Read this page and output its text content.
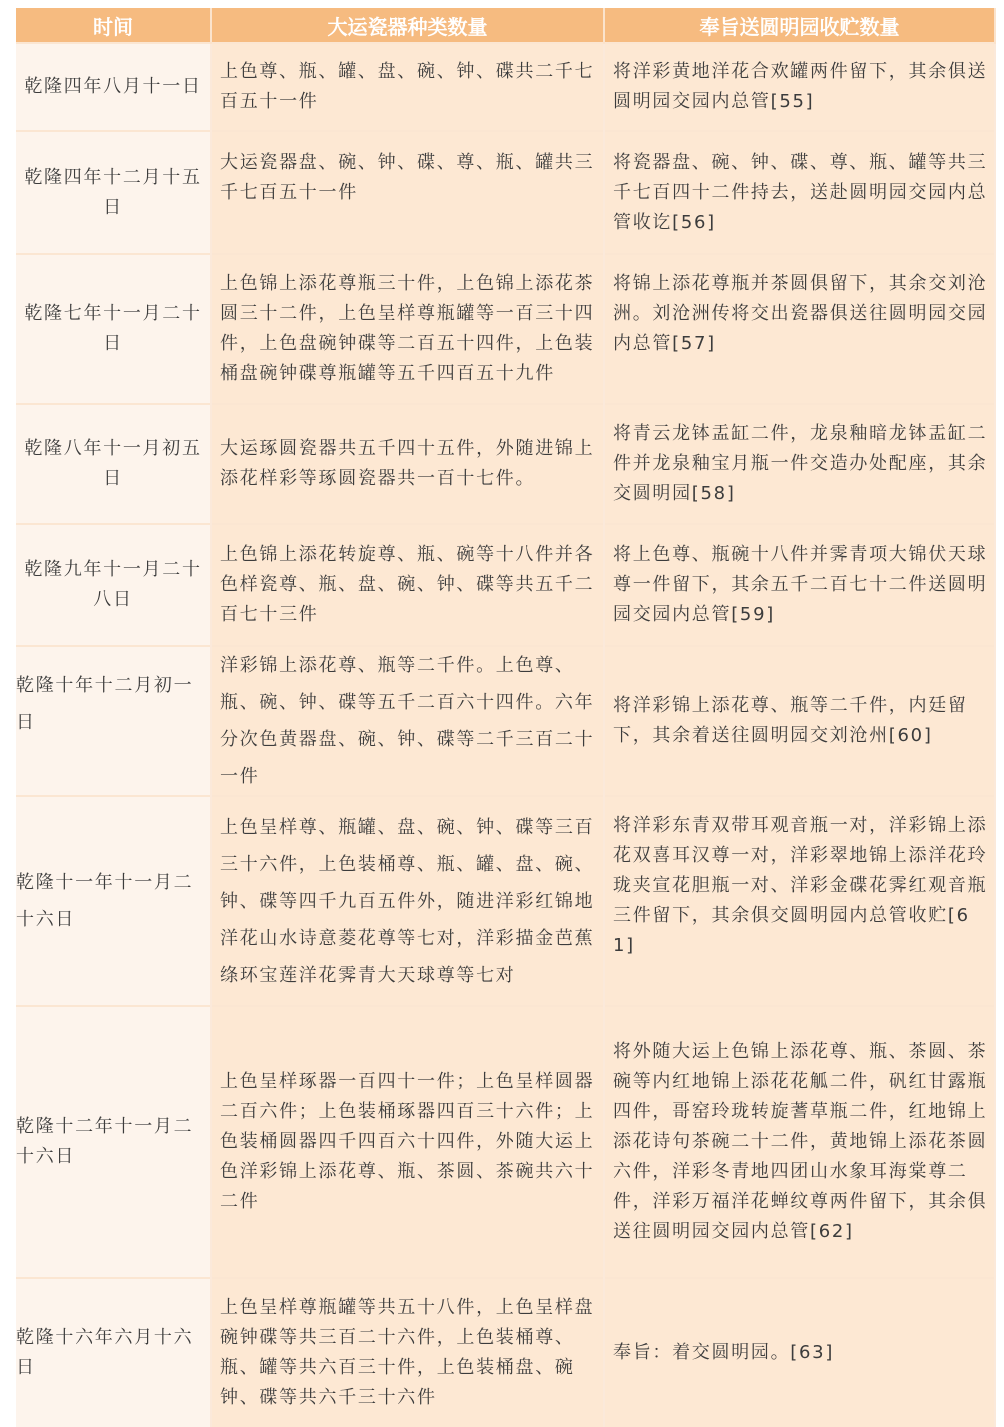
时间	大运瓷器种类数量	奉旨送圆明园收贮数量
乾隆四年八月十一日	上色尊、瓶、罐、盘、碗、钟、碟共二千七百五十一件	将洋彩黄地洋花合欢罐两件留下，其余俱送圆明园交园内总管[55]
乾隆四年十二月十五日	大运瓷器盘、碗、钟、碟、尊、瓶、罐共三千七百五十一件	将瓷器盘、碗、钟、碟、尊、瓶、罐等共三千七百四十二件持去，送赴圆明园交园内总管收讫[56]
乾隆七年十一月二十日	上色锦上添花尊瓶三十件，上色锦上添花茶圆三十二件，上色呈样尊瓶罐等一百三十四件，上色盘碗钟碟等二百五十四件，上色装桶盘碗钟碟尊瓶罐等五千四百五十九件	将锦上添花尊瓶并茶圆俱留下，其余交刘沧洲。刘沧洲传将交出瓷器俱送往圆明园交园内总管[57]
乾隆八年十一月初五日	大运琢圆瓷器共五千四十五件，外随进锦上添花样彩等琢圆瓷器共一百十七件。	将青云龙钵盂缸二件，龙泉釉暗龙钵盂缸二件并龙泉釉宝月瓶一件交造办处配座，其余交圆明园[58]
乾隆九年十一月二十八日	上色锦上添花转旋尊、瓶、碗等十八件并各色样瓷尊、瓶、盘、碗、钟、碟等共五千二百七十三件	将上色尊、瓶碗十八件并霁青项大锦伏天球尊一件留下，其余五千二百七十二件送圆明园交园内总管[59]
乾隆十年十二月初一日	洋彩锦上添花尊、瓶等二千件。上色尊、瓶、碗、钟、碟等五千二百六十四件。六年分次色黄器盘、碗、钟、碟等二千三百二十一件	将洋彩锦上添花尊、瓶等二千件，内廷留下，其余着送往圆明园交刘沧州[60]
乾隆十一年十一月二十六日	上色呈样尊、瓶罐、盘、碗、钟、碟等三百三十六件，上色装桶尊、瓶、罐、盘、碗、钟、碟等四千九百五件外，随进洋彩红锦地洋花山水诗意菱花尊等七对，洋彩描金芭蕉绦环宝莲洋花霁青大天球尊等七对	将洋彩东青双带耳观音瓶一对，洋彩锦上添花双喜耳汉尊一对，洋彩翠地锦上添洋花玲珑夹宣花胆瓶一对、洋彩金碟花霁红观音瓶三件留下，其余俱交圆明园内总管收贮[61]
乾隆十二年十一月二十六日	上色呈样琢器一百四十一件；上色呈样圆器二百六件；上色装桶琢器四百三十六件；上色装桶圆器四千四百六十四件，外随大运上色洋彩锦上添花尊、瓶、茶圆、茶碗共六十二件	将外随大运上色锦上添花尊、瓶、茶圆、茶碗等内红地锦上添花花觚二件，矾红甘露瓶四件，哥窑玲珑转旋蓍草瓶二件，红地锦上添花诗句茶碗二十二件，黄地锦上添花茶圆六件，洋彩冬青地四团山水象耳海棠尊二件，洋彩万福洋花蝉纹尊两件留下，其余俱送往圆明园交园内总管[62]
乾隆十六年六月十六日	上色呈样尊瓶罐等共五十八件，上色呈样盘碗钟碟等共三百二十六件，上色装桶尊、瓶、罐等共六百三十件，上色装桶盘、碗钟、碟等共六千三十六件	奉旨：着交圆明园。[63]
